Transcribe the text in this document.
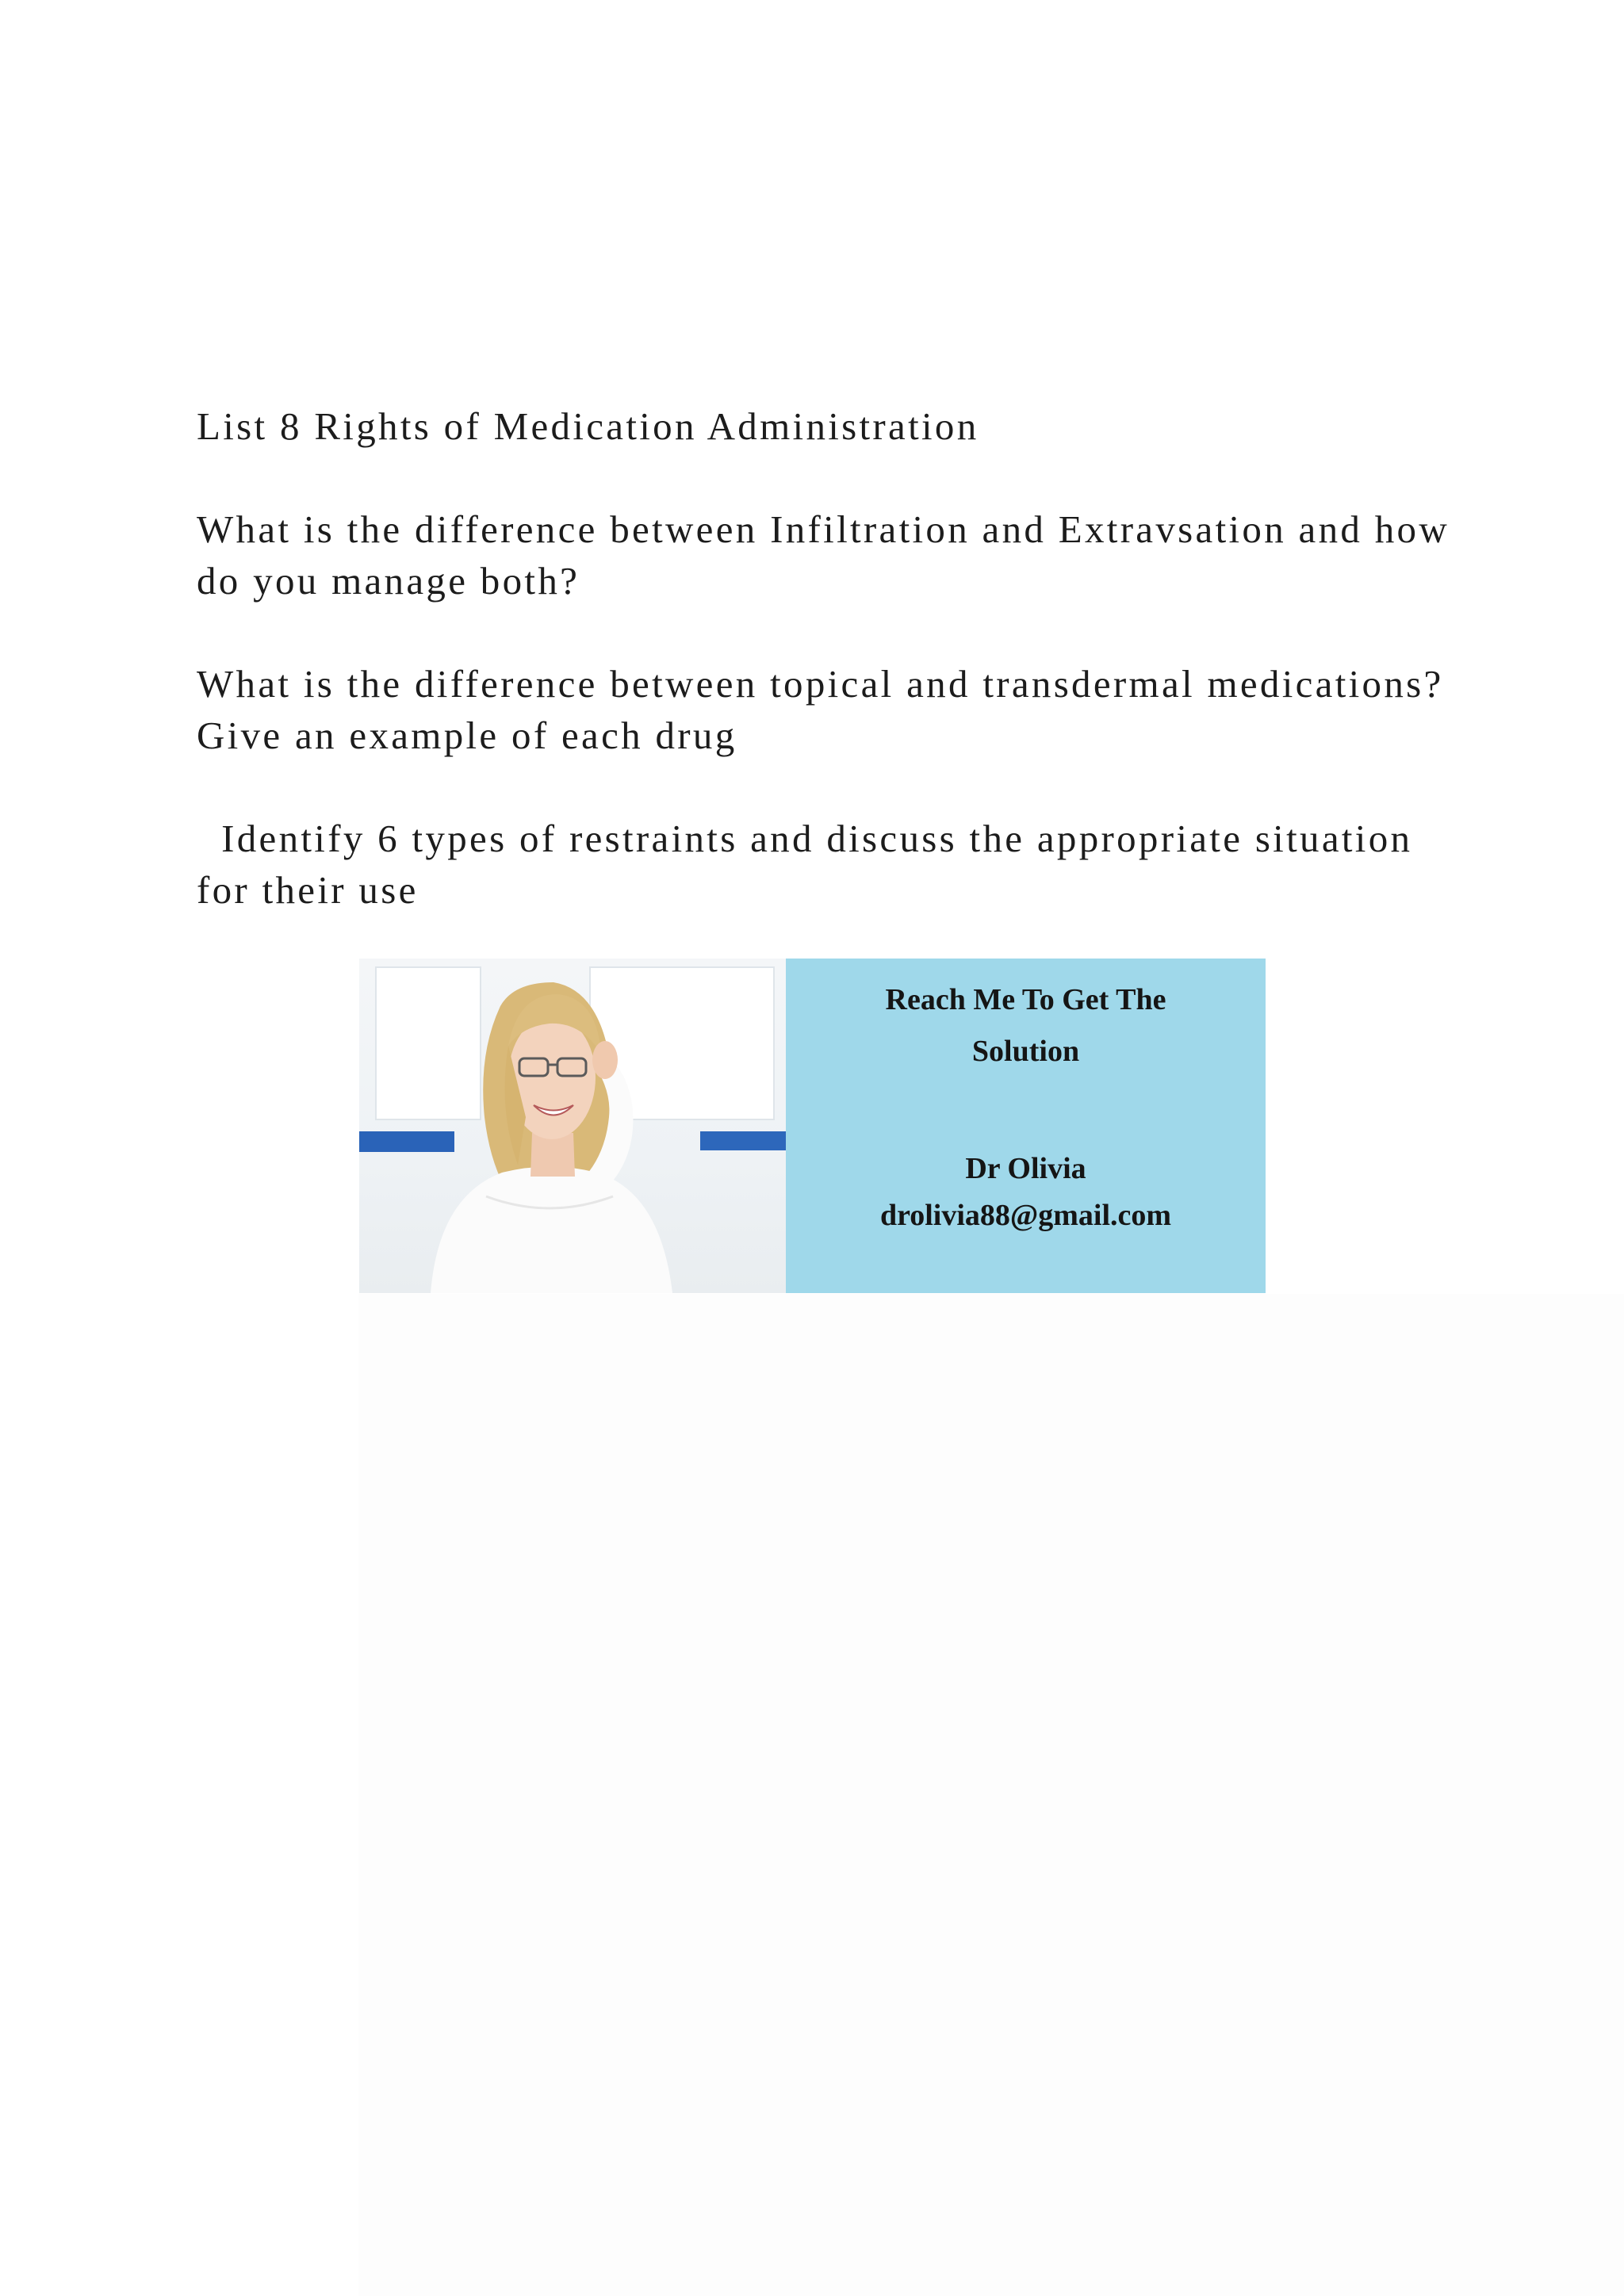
List 8 Rights of Medication Administration

What is the difference between Infiltration and Extravsation and how do you manage both?

What is the difference between topical and transdermal medications? Give an example of each drug

Identify 6 types of restraints and discuss the appropriate situation for their use

Reach Me To Get The
Solution
Dr Olivia
drolivia88@gmail.com
